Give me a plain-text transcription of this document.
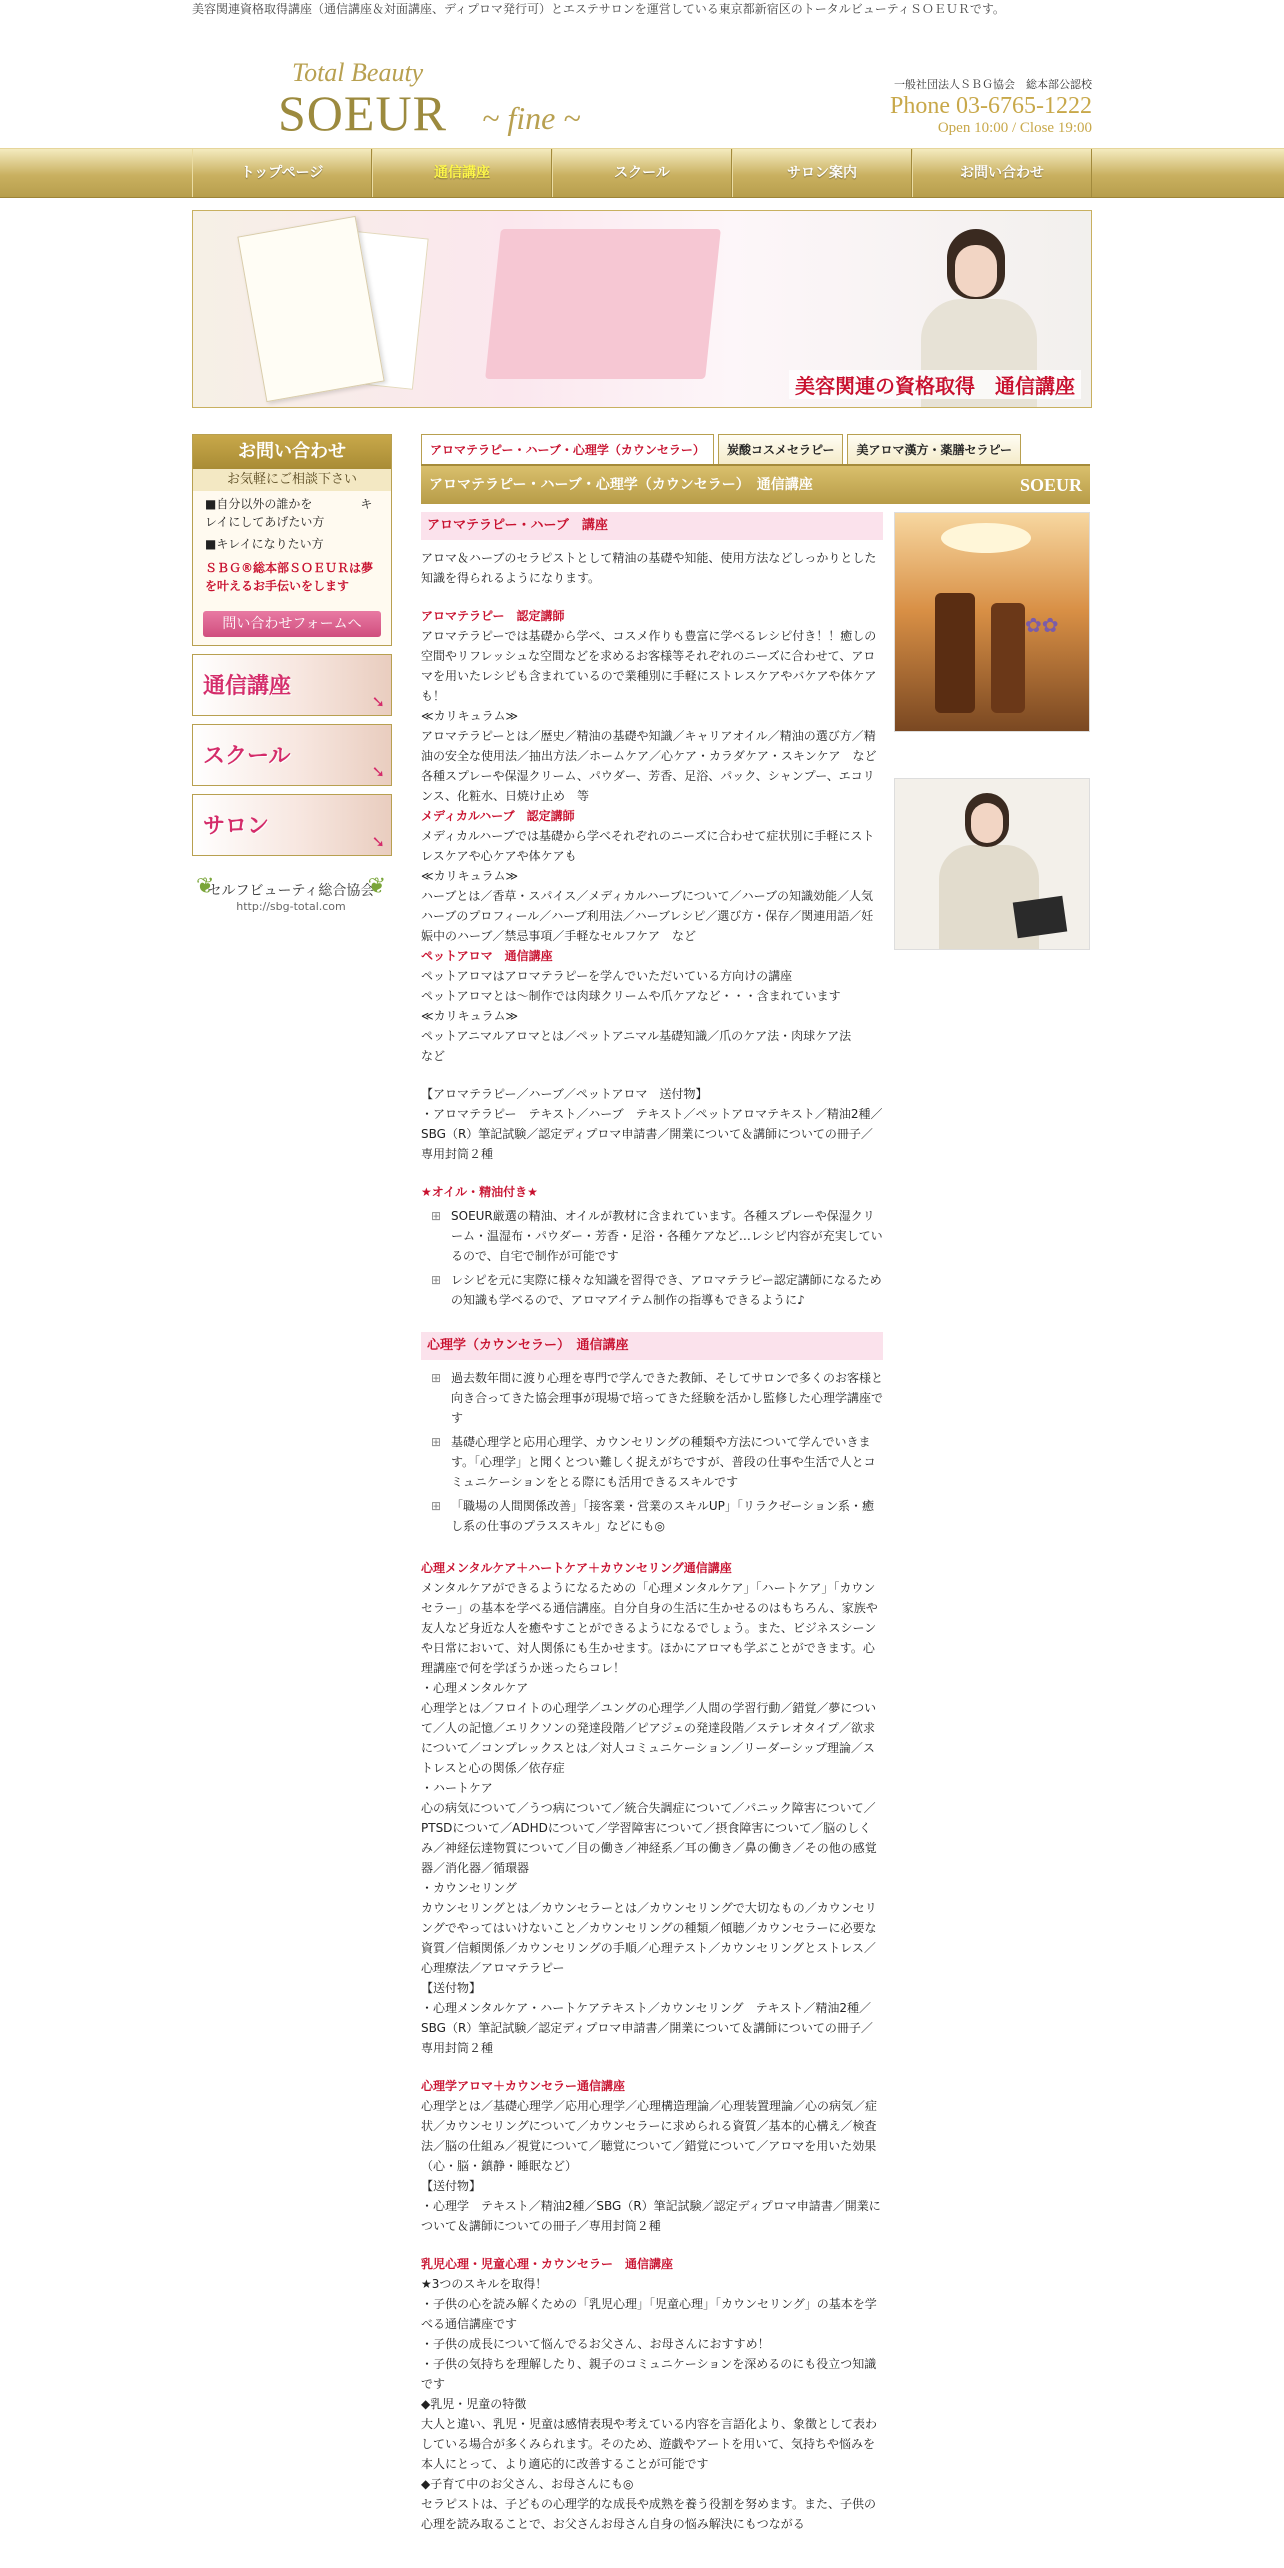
美容関連資格取得講座（通信講座＆対面講座、ディプロマ発行可）とエステサロンを運営している東京都新宿区のトータルビューティＳＯＥＵＲです。
Total Beauty
SOEUR ~ fine ~
一般社団法人ＳＢＧ協会　総本部公認校
Phone 03-6765-1222
Open 10:00 / Close 19:00
トップページ	通信講座	スクール	サロン案内	お問い合わせ
美容関連の資格取得　通信講座
お問い合わせ
お気軽にご相談下さい
■自分以外の誰かを　　　　キレイにしてあげたい方
■キレイになりたい方
ＳＢＧ®総本部ＳＯＥＵＲは夢を叶えるお手伝いをします
問い合わせフォームへ
通信講座
➘
スクール
➘
サロン
➘
❦	❦
セルフビューティ総合協会
http://sbg-total.com
アロマテラピー・ハーブ・心理学（カウンセラー）	炭酸コスメセラピー	美アロマ漢方・薬膳セラピー
アロマテラピー・ハーブ・心理学（カウンセラー）　通信講座	SOEUR
✿✿
アロマテラピー・ハーブ　講座

アロマ＆ハーブのセラピストとして精油の基礎や知能、使用方法などしっかりとした知識を得られるようになります。

アロマテラピー　認定講師

アロマテラピーでは基礎から学べ、コスメ作りも豊富に学べるレシピ付き！！癒しの空間やリフレッシュな空間などを求めるお客様等それぞれのニーズに合わせて、アロマを用いたレシピも含まれているので業種別に手軽にストレスケアやバケアや体ケアも！
≪カリキュラム≫
アロマテラピーとは／歴史／精油の基礎や知識／キャリアオイル／精油の選び方／精油の安全な使用法／抽出方法／ホームケア／心ケア・カラダケア・スキンケア　など
各種スプレーや保湿クリーム、パウダー、芳香、足浴、パック、シャンプー、エコリンス、化粧水、日焼け止め　等

メディカルハーブ　認定講師

メディカルハーブでは基礎から学べそれぞれのニーズに合わせて症状別に手軽にストレスケアや心ケアや体ケアも
≪カリキュラム≫
ハーブとは／香草・スパイス／メディカルハーブについて／ハーブの知識効能／人気ハーブのプロフィール／ハーブ利用法／ハーブレシピ／選び方・保存／関連用語／妊娠中のハーブ／禁忌事項／手軽なセルフケア　など

ペットアロマ　通信講座

ペットアロマはアロマテラピーを学んでいただいている方向けの講座
ペットアロマとは～制作では肉球クリームや爪ケアなど・・・含まれています
≪カリキュラム≫
ペットアニマルアロマとは／ペットアニマル基礎知識／爪のケア法・肉球ケア法　　など

【アロマテラピー／ハーブ／ペットアロマ　送付物】
・アロマテラピー　テキスト／ハーブ　テキスト／ペットアロマテキスト／精油2種／SBG（R）筆記試験／認定ディプロマ申請書／開業について＆講師についての冊子／専用封筒２種

★オイル・精油付き★
⊞ SOEUR厳選の精油、オイルが教材に含まれています。各種スプレーや保湿クリーム・温湿布・パウダー・芳香・足浴・各種ケアなど…レシピ内容が充実しているので、自宅で制作が可能です
⊞ レシピを元に実際に様々な知識を習得でき、アロマテラピー認定講師になるための知識も学べるので、アロマアイテム制作の指導もできるように♪
心理学（カウンセラー）　通信講座
⊞ 過去数年間に渡り心理を専門で学んできた教師、そしてサロンで多くのお客様と向き合ってきた協会理事が現場で培ってきた経験を活かし監修した心理学講座です
⊞ 基礎心理学と応用心理学、カウンセリングの種類や方法について学んでいきます。「心理学」と聞くとつい難しく捉えがちですが、普段の仕事や生活で人とコミュニケーションをとる際にも活用できるスキルです
⊞ 「職場の人間関係改善」「接客業・営業のスキルUP」「リラクゼーション系・癒し系の仕事のプラススキル」などにも◎
心理メンタルケア＋ハートケア＋カウンセリング通信講座

メンタルケアができるようになるための「心理メンタルケア」「ハートケア」「カウンセラー」の基本を学べる通信講座。自分自身の生活に生かせるのはもちろん、家族や友人など身近な人を癒やすことができるようになるでしょう。また、ビジネスシーンや日常において、対人関係にも生かせます。ほかにアロマも学ぶことができます。心理講座で何を学ぼうか迷ったらコレ！
・心理メンタルケア
心理学とは／フロイトの心理学／ユングの心理学／人間の学習行動／錯覚／夢について／人の記憶／エリクソンの発達段階／ピアジェの発達段階／ステレオタイプ／欲求について／コンプレックスとは／対人コミュニケーション／リーダーシップ理論／ストレスと心の関係／依存症
・ハートケア
心の病気について／うつ病について／統合失調症について／パニック障害について／PTSDについて／ADHDについて／学習障害について／摂食障害について／脳のしくみ／神経伝達物質について／目の働き／神経系／耳の働き／鼻の働き／その他の感覚器／消化器／循環器
・カウンセリング
カウンセリングとは／カウンセラーとは／カウンセリングで大切なもの／カウンセリングでやってはいけないこと／カウンセリングの種類／傾聴／カウンセラーに必要な資質／信頼関係／カウンセリングの手順／心理テスト／カウンセリングとストレス／心理療法／アロマテラピー
【送付物】
・心理メンタルケア・ハートケアテキスト／カウンセリング　テキスト／精油2種／SBG（R）筆記試験／認定ディプロマ申請書／開業について＆講師についての冊子／専用封筒２種

心理学アロマ＋カウンセラー通信講座

心理学とは／基礎心理学／応用心理学／心理構造理論／心理装置理論／心の病気／症状／カウンセリングについて／カウンセラーに求められる資質／基本的心構え／検査法／脳の仕組み／視覚について／聴覚について／錯覚について／アロマを用いた効果（心・脳・鎮静・睡眠など）
【送付物】
・心理学　テキスト／精油2種／SBG（R）筆記試験／認定ディプロマ申請書／開業について＆講師についての冊子／専用封筒２種

乳児心理・児童心理・カウンセラー　通信講座

★3つのスキルを取得！
・子供の心を読み解くための「乳児心理」「児童心理」「カウンセリング」の基本を学べる通信講座です
・子供の成長について悩んでるお父さん、お母さんにおすすめ！
・子供の気持ちを理解したり、親子のコミュニケーションを深めるのにも役立つ知識です
◆乳児・児童の特徴
大人と違い、乳児・児童は感情表現や考えている内容を言語化より、象徴として表わしている場合が多くみられます。そのため、遊戯やアートを用いて、気持ちや悩みを本人にとって、より適応的に改善することが可能です
◆子育て中のお父さん、お母さんにも◎
セラピストは、子どもの心理学的な成長や成熟を養う役割を努めます。また、子供の心理を読み取ることで、お父さんお母さん自身の悩み解決にもつながる
